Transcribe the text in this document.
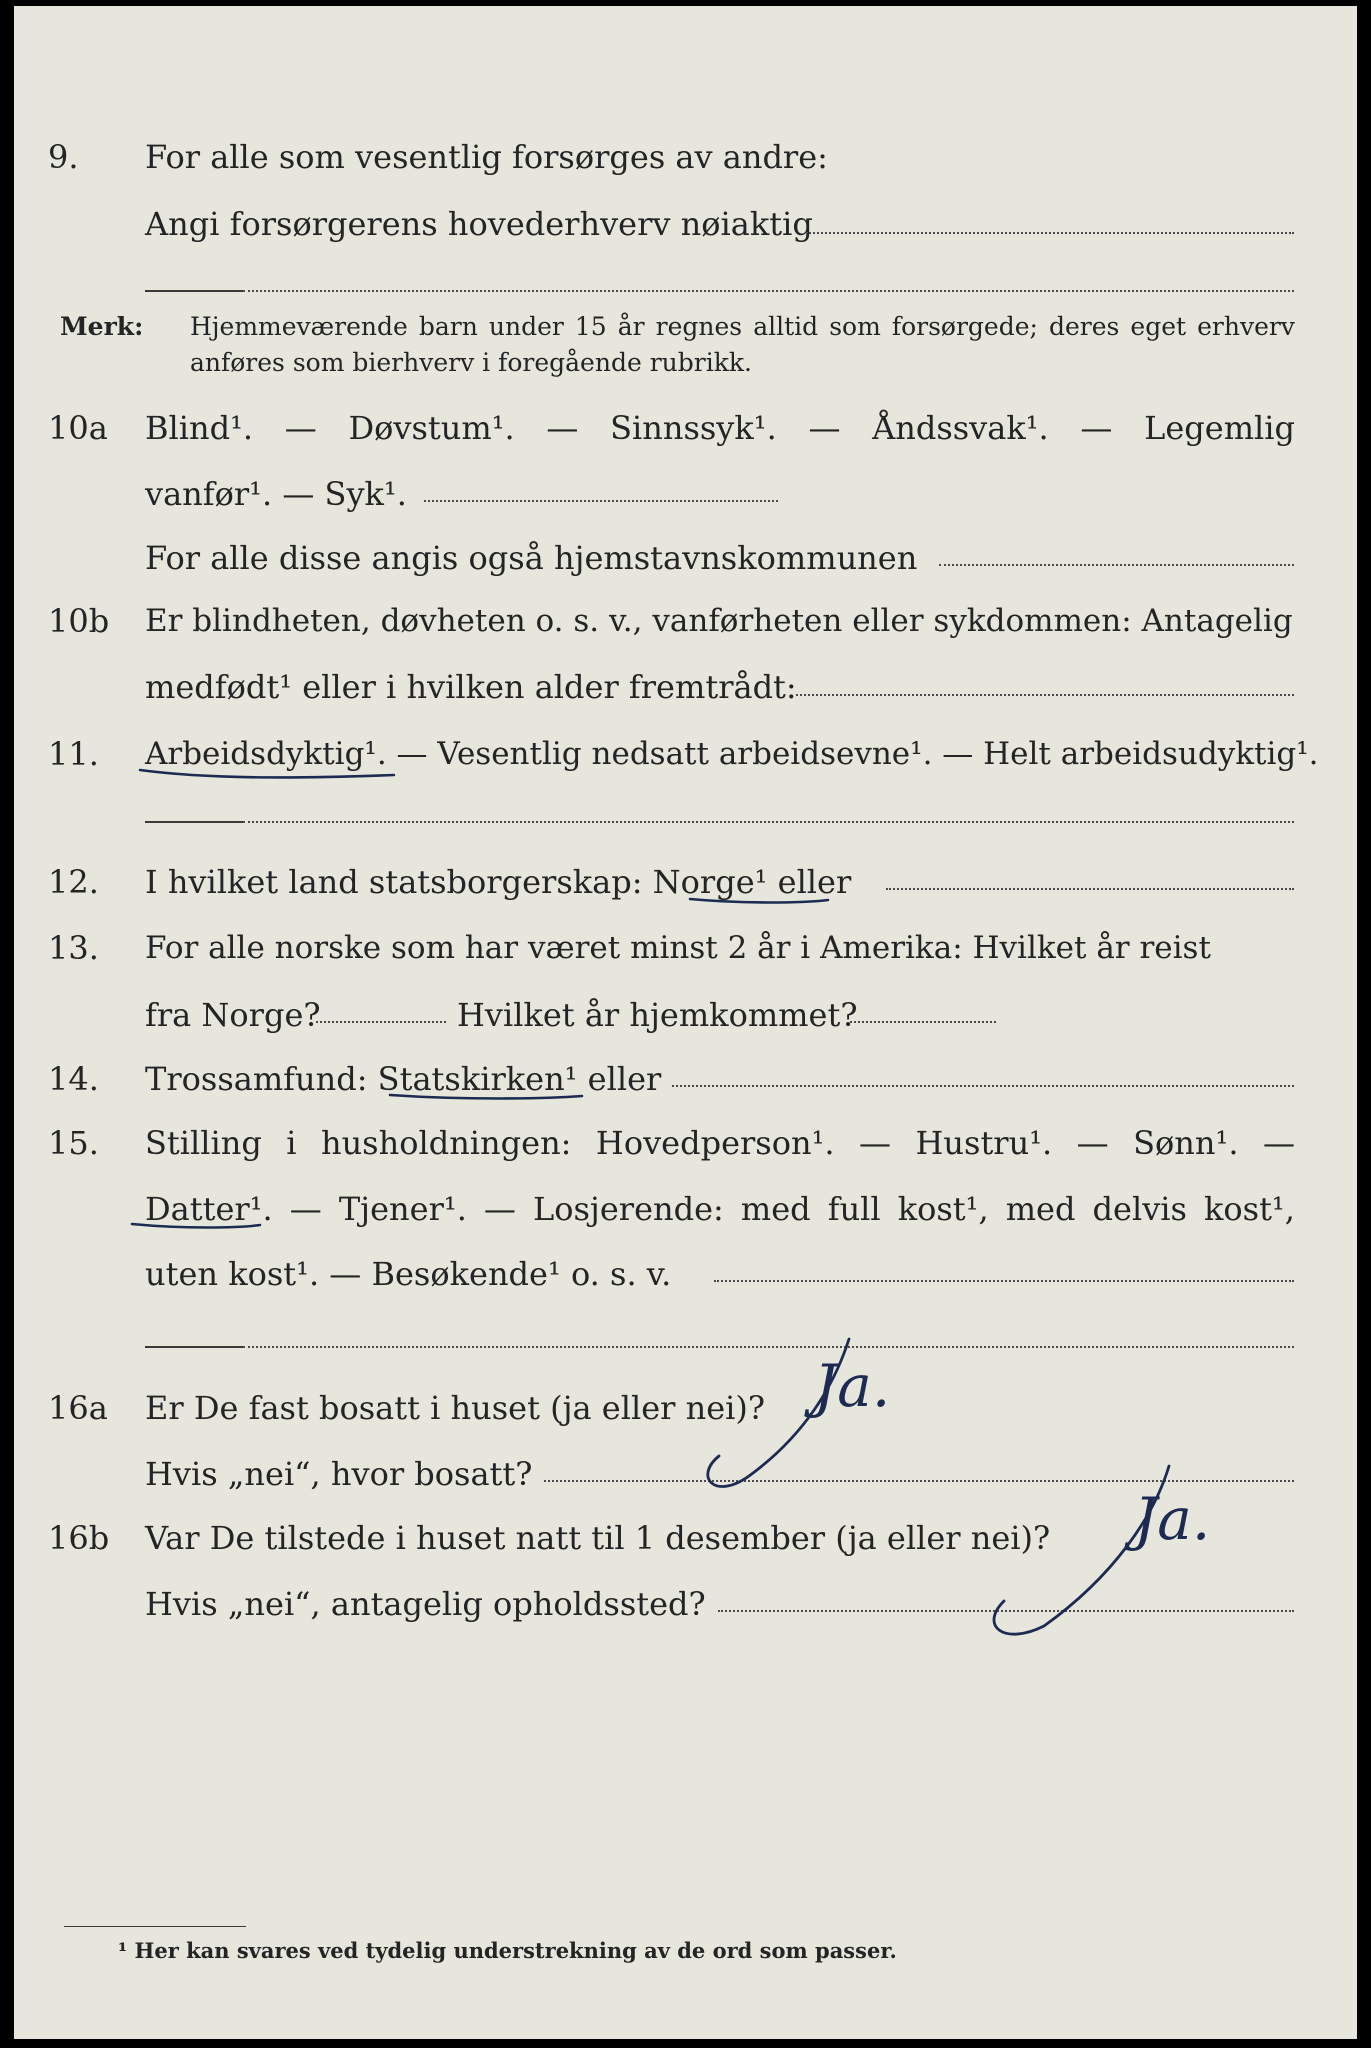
9. For alle som vesentlig forsørges av andre:
Angi forsørgerens hovederhverv nøiaktig
Merk: Hjemmeværende barn under 15 år regnes alltid som forsørgede; deres eget erhverv
anføres som bierhverv i foregående rubrikk.
10a Blind¹. — Døvstum¹. — Sinnssyk¹. — Åndssvak¹. — Legemlig
vanfør¹. — Syk¹.
For alle disse angis også hjemstavnskommunen
10b Er blindheten, døvheten o. s. v., vanførheten eller sykdommen: Antagelig
medfødt¹ eller i hvilken alder fremtrådt:
11. Arbeidsdyktig¹. — Vesentlig nedsatt arbeidsevne¹. — Helt arbeidsudyktig¹.
12. I hvilket land statsborgerskap: Norge¹ eller
13. For alle norske som har været minst 2 år i Amerika: Hvilket år reist
fra Norge?	Hvilket år hjemkommet?
14. Trossamfund: Statskirken¹ eller
15. Stilling i husholdningen: Hovedperson¹. — Hustru¹. — Sønn¹. —
Datter¹. — Tjener¹. — Losjerende: med full kost¹, med delvis kost¹,
uten kost¹. — Besøkende¹ o. s. v.
16a Er De fast bosatt i huset (ja eller nei)?
Hvis „nei“, hvor bosatt?
16b Var De tilstede i huset natt til 1 desember (ja eller nei)?
Hvis „nei“, antagelig opholdssted?
¹ Her kan svares ved tydelig understrekning av de ord som passer.
Ja.
Ja.
